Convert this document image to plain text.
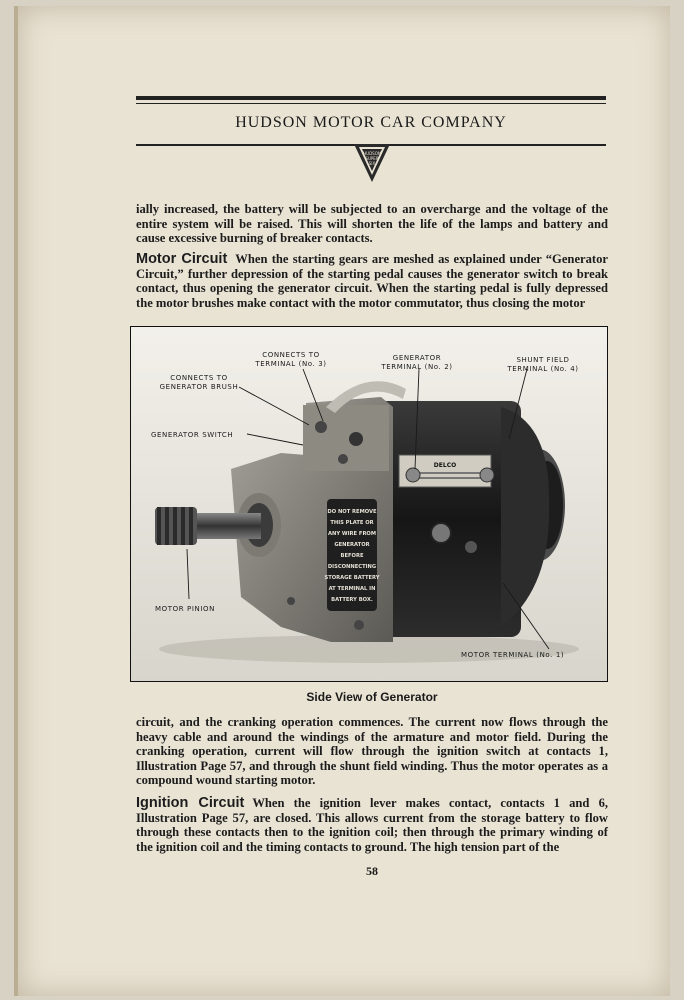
HUDSON MOTOR CAR COMPANY
HUDSON
SUPER
SIX

ially increased, the battery will be subjected to an overcharge and the voltage of the entire system will be raised. This will shorten the life of the lamps and battery and cause excessive burning of breaker contacts.

Motor Circuit When the starting gears are meshed as explained under “Generator Circuit,” further depression of the starting pedal causes the generator switch to break contact, thus opening the generator circuit. When the starting pedal is fully depressed the motor brushes make contact with the motor commutator, thus closing the motor

DO NOT REMOVE
THIS PLATE OR
ANY WIRE FROM
GENERATOR
BEFORE
DISCONNECTING
STORAGE BATTERY
AT TERMINAL IN
BATTERY BOX.
DELCO
CONNECTS TO
TERMINAL (No. 3)
GENERATOR
TERMINAL (No. 2)
SHUNT FIELD
TERMINAL (No. 4)
CONNECTS TO
GENERATOR BRUSH
GENERATOR SWITCH
MOTOR PINION
MOTOR TERMINAL (No. 1)
Side View of Generator

circuit, and the cranking operation commences. The current now flows through the heavy cable and around the windings of the armature and motor field. During the cranking operation, current will flow through the ignition switch at contacts 1, Illustration Page 57, and through the shunt field winding. Thus the motor operates as a compound wound starting motor.

Ignition Circuit When the ignition lever makes contact, contacts 1 and 6, Illustration Page 57, are closed. This allows current from the storage battery to flow through these contacts then to the ignition coil; then through the primary winding of the ignition coil and the timing contacts to ground. The high tension part of the

58
